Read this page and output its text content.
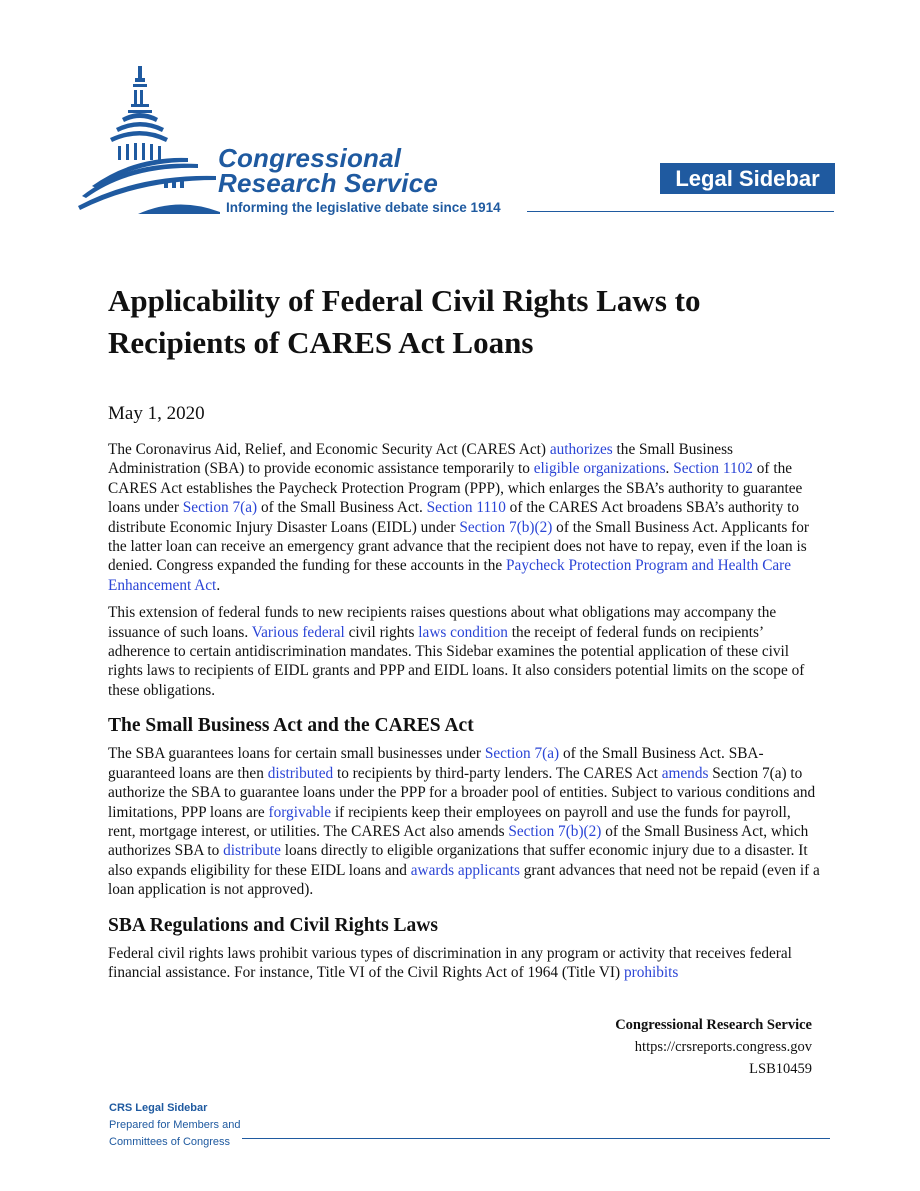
Congressional
Research Service
Informing the legislative debate since 1914
Legal Sidebar
Applicability of Federal Civil Rights Laws to Recipients of CARES Act Loans
May 1, 2020

The Coronavirus Aid, Relief, and Economic Security Act (CARES Act) authorizes the Small Business Administration (SBA) to provide economic assistance temporarily to eligible organizations. Section 1102 of the CARES Act establishes the Paycheck Protection Program (PPP), which enlarges the SBA’s authority to guarantee loans under Section 7(a) of the Small Business Act. Section 1110 of the CARES Act broadens SBA’s authority to distribute Economic Injury Disaster Loans (EIDL) under Section 7(b)(2) of the Small Business Act. Applicants for the latter loan can receive an emergency grant advance that the recipient does not have to repay, even if the loan is denied. Congress expanded the funding for these accounts in the Paycheck Protection Program and Health Care Enhancement Act.

This extension of federal funds to new recipients raises questions about what obligations may accompany the issuance of such loans. Various federal civil rights laws condition the receipt of federal funds on recipients’ adherence to certain antidiscrimination mandates. This Sidebar examines the potential application of these civil rights laws to recipients of EIDL grants and PPP and EIDL loans. It also considers potential limits on the scope of these obligations.

The Small Business Act and the CARES Act

The SBA guarantees loans for certain small businesses under Section 7(a) of the Small Business Act. SBA-guaranteed loans are then distributed to recipients by third-party lenders. The CARES Act amends Section 7(a) to authorize the SBA to guarantee loans under the PPP for a broader pool of entities. Subject to various conditions and limitations, PPP loans are forgivable if recipients keep their employees on payroll and use the funds for payroll, rent, mortgage interest, or utilities. The CARES Act also amends Section 7(b)(2) of the Small Business Act, which authorizes SBA to distribute loans directly to eligible organizations that suffer economic injury due to a disaster. It also expands eligibility for these EIDL loans and awards applicants grant advances that need not be repaid (even if a loan application is not approved).

SBA Regulations and Civil Rights Laws

Federal civil rights laws prohibit various types of discrimination in any program or activity that receives federal financial assistance. For instance, Title VI of the Civil Rights Act of 1964 (Title VI) prohibits

Congressional Research Service
https://crsreports.congress.gov
LSB10459
CRS Legal Sidebar
Prepared for Members and
Committees of Congress
